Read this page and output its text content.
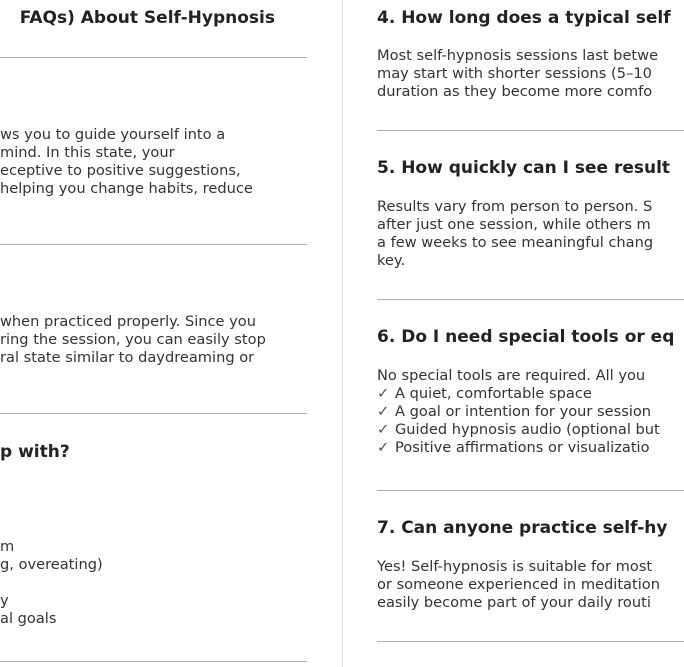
FAQs) About Self-Hypnosis

ws you to guide yourself into a
mind. In this state, your
eceptive to positive suggestions,
helping you change habits, reduce

when practiced properly. Since you
ring the session, you can easily stop
ral state similar to daydreaming or

p with?

m
g, overeating)
y
al goals

4. How long does a typical self

Most self-hypnosis sessions last betwe
may start with shorter sessions (5–10
duration as they become more comfo

5. How quickly can I see result

Results vary from person to person. S
after just one session, while others m
a few weeks to see meaningful chang
key.

6. Do I need special tools or eq
No special tools are required. All you
✓ A quiet, comfortable space
✓ A goal or intention for your session
✓ Guided hypnosis audio (optional but
✓ Positive affirmations or visualizatio
7. Can anyone practice self-hy

Yes! Self-hypnosis is suitable for most
or someone experienced in meditation
easily become part of your daily routi
